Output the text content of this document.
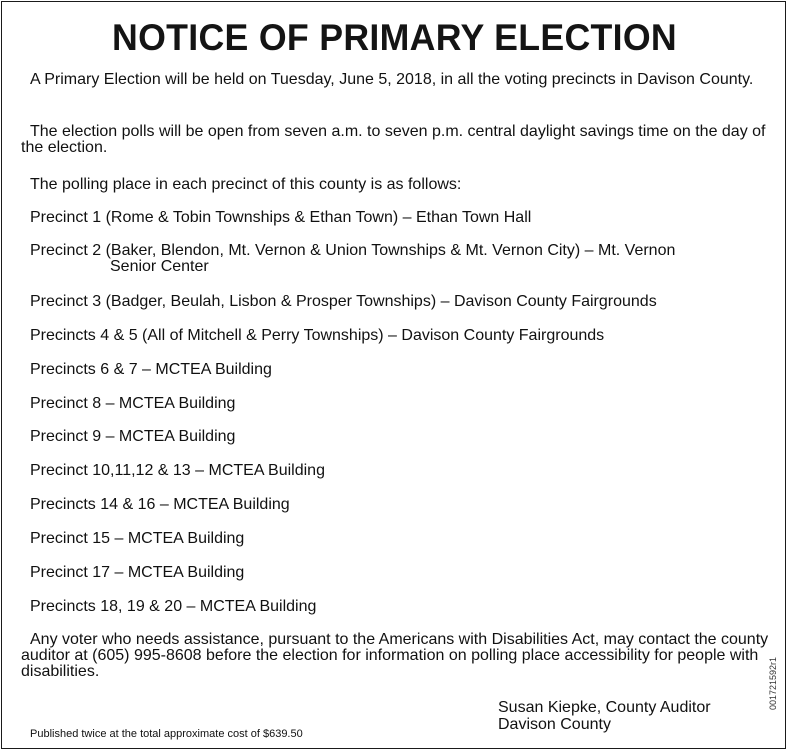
NOTICE OF PRIMARY ELECTION

A Primary Election will be held on Tuesday, June 5, 2018, in all the voting precincts in Davison County.

The election polls will be open from seven a.m. to seven p.m. central daylight savings time on the day of the election.

The polling place in each precinct of this county is as follows:
Precinct 1 (Rome & Tobin Townships & Ethan Town) – Ethan Town Hall
Precinct 2 (Baker, Blendon, Mt. Vernon & Union Townships & Mt. Vernon City) – Mt. Vernon
Senior Center
Precinct 3 (Badger, Beulah, Lisbon & Prosper Townships) – Davison County Fairgrounds
Precincts 4 & 5 (All of Mitchell & Perry Townships) – Davison County Fairgrounds
Precincts 6 & 7 – MCTEA Building
Precinct 8 – MCTEA Building
Precinct 9 – MCTEA Building
Precinct 10,11,12 & 13 – MCTEA Building
Precincts 14 & 16 – MCTEA Building
Precinct 15 – MCTEA Building
Precinct 17 – MCTEA Building
Precincts 18, 19 & 20 – MCTEA Building

Any voter who needs assistance, pursuant to the Americans with Disabilities Act, may contact the county auditor at (605) 995-8608 before the election for information on polling place accessibility for people with disabilities.

Susan Kiepke, County Auditor
Davison County
Published twice at the total approximate cost of $639.50
001721592r1
